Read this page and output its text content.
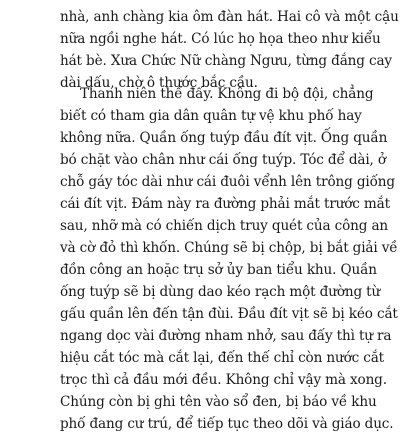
nhà, anh chàng kia ôm đàn hát. Hai cô và một cậu
nữa ngồi nghe hát. Có lúc họ họa theo như kiểu
hát bè. Xưa Chức Nữ chàng Ngưu, từng đắng cay
dài dấu, chờ ô thước bắc cầu.
Thanh niên thế đấy. Không đi bộ đội, chẳng
biết có tham gia dân quân tự vệ khu phố hay
không nữa. Quần ống tuýp đầu đít vịt. Ống quần
bó chặt vào chân như cái ống tuýp. Tóc để dài, ở
chỗ gáy tóc dài như cái đuôi vểnh lên trông giống
cái đít vịt. Đám này ra đường phải mắt trước mắt
sau, nhỡ mà có chiến dịch truy quét của công an
và cờ đỏ thì khốn. Chúng sẽ bị chộp, bị bắt giải về
đồn công an hoặc trụ sở ủy ban tiểu khu. Quần
ống tuýp sẽ bị dùng dao kéo rạch một đường từ
gấu quần lên đến tận đùi. Đầu đít vịt sẽ bị kéo cắt
ngang dọc vài đường nham nhở, sau đấy thì tự ra
hiệu cắt tóc mà cắt lại, đến thế chỉ còn nước cắt
trọc thì cả đầu mới đều. Không chỉ vậy mà xong.
Chúng còn bị ghi tên vào sổ đen, bị báo về khu
phố đang cư trú, để tiếp tục theo dõi và giáo dục.
